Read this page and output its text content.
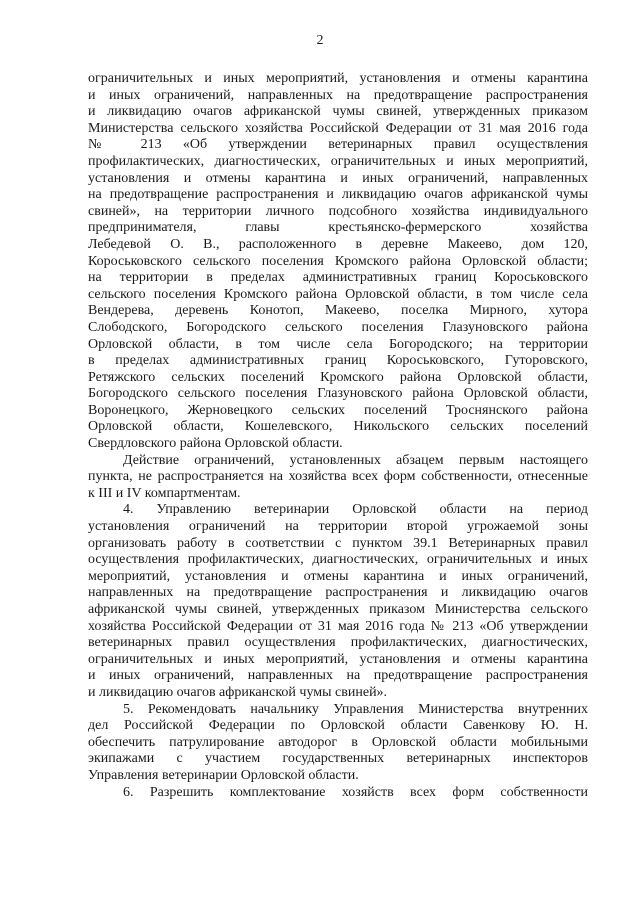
2
ограничительных и иных мероприятий, установления и отмены карантина
и иных ограничений, направленных на предотвращение распространения
и ликвидацию очагов африканской чумы свиней, утвержденных приказом
Министерства сельского хозяйства Российской Федерации от 31 мая 2016 года
№ 213 «Об утверждении ветеринарных правил осуществления
профилактических, диагностических, ограничительных и иных мероприятий,
установления и отмены карантина и иных ограничений, направленных
на предотвращение распространения и ликвидацию очагов африканской чумы
свиней», на территории личного подсобного хозяйства индивидуального
предпринимателя, главы крестьянско-фермерского хозяйства
Лебедевой О. В., расположенного в деревне Макеево, дом 120,
Короськовского сельского поселения Кромского района Орловской области;
на территории в пределах административных границ Короськовского
сельского поселения Кромского района Орловской области, в том числе села
Вендерева, деревень Конотоп, Макеево, поселка Мирного, хутора
Слободского, Богородского сельского поселения Глазуновского района
Орловской области, в том числе села Богородского; на территории
в пределах административных границ Короськовского, Гуторовского,
Ретяжского сельских поселений Кромского района Орловской области,
Богородского сельского поселения Глазуновского района Орловской области,
Воронецкого, Жерновецкого сельских поселений Троснянского района
Орловской области, Кошелевского, Никольского сельских поселений
Свердловского района Орловской области.
Действие ограничений, установленных абзацем первым настоящего
пункта, не распространяется на хозяйства всех форм собственности, отнесенные
к III и IV компартментам.
4. Управлению ветеринарии Орловской области на период
установления ограничений на территории второй угрожаемой зоны
организовать работу в соответствии с пунктом 39.1 Ветеринарных правил
осуществления профилактических, диагностических, ограничительных и иных
мероприятий, установления и отмены карантина и иных ограничений,
направленных на предотвращение распространения и ликвидацию очагов
африканской чумы свиней, утвержденных приказом Министерства сельского
хозяйства Российской Федерации от 31 мая 2016 года № 213 «Об утверждении
ветеринарных правил осуществления профилактических, диагностических,
ограничительных и иных мероприятий, установления и отмены карантина
и иных ограничений, направленных на предотвращение распространения
и ликвидацию очагов африканской чумы свиней».
5. Рекомендовать начальнику Управления Министерства внутренних
дел Российской Федерации по Орловской области Савенкову Ю. Н.
обеспечить патрулирование автодорог в Орловской области мобильными
экипажами с участием государственных ветеринарных инспекторов
Управления ветеринарии Орловской области.
6. Разрешить комплектование хозяйств всех форм собственности
